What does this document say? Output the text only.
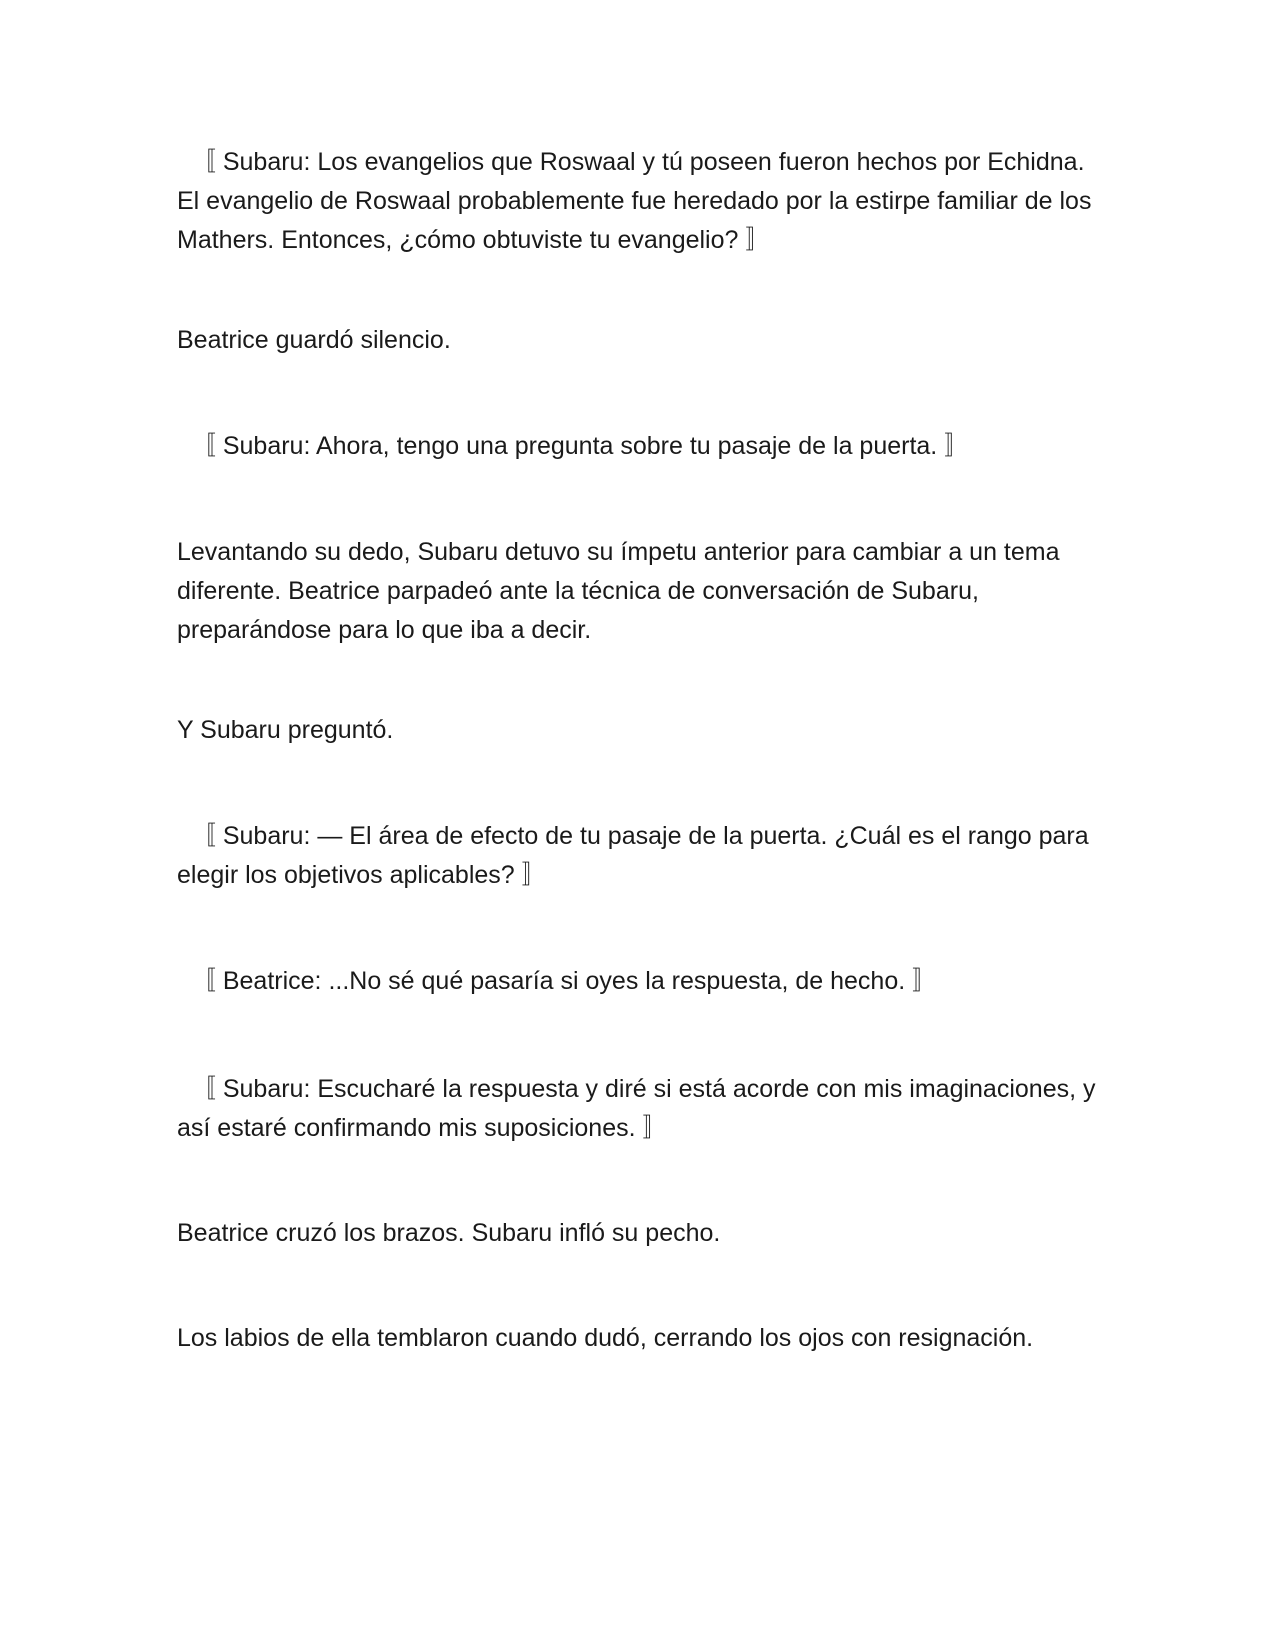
〚 Subaru: Los evangelios que Roswaal y tú poseen fueron hechos por Echidna. El evangelio de Roswaal probablemente fue heredado por la estirpe familiar de los Mathers. Entonces, ¿cómo obtuviste tu evangelio? 〛

Beatrice guardó silencio.

〚 Subaru: Ahora, tengo una pregunta sobre tu pasaje de la puerta. 〛

Levantando su dedo, Subaru detuvo su ímpetu anterior para cambiar a un tema diferente. Beatrice parpadeó ante la técnica de conversación de Subaru, preparándose para lo que iba a decir.

Y Subaru preguntó.

〚 Subaru: — El área de efecto de tu pasaje de la puerta. ¿Cuál es el rango para elegir los objetivos aplicables? 〛

〚 Beatrice: ...No sé qué pasaría si oyes la respuesta, de hecho. 〛

〚 Subaru: Escucharé la respuesta y diré si está acorde con mis imaginaciones, y así estaré confirmando mis suposiciones. 〛

Beatrice cruzó los brazos. Subaru infló su pecho.

Los labios de ella temblaron cuando dudó, cerrando los ojos con resignación.
